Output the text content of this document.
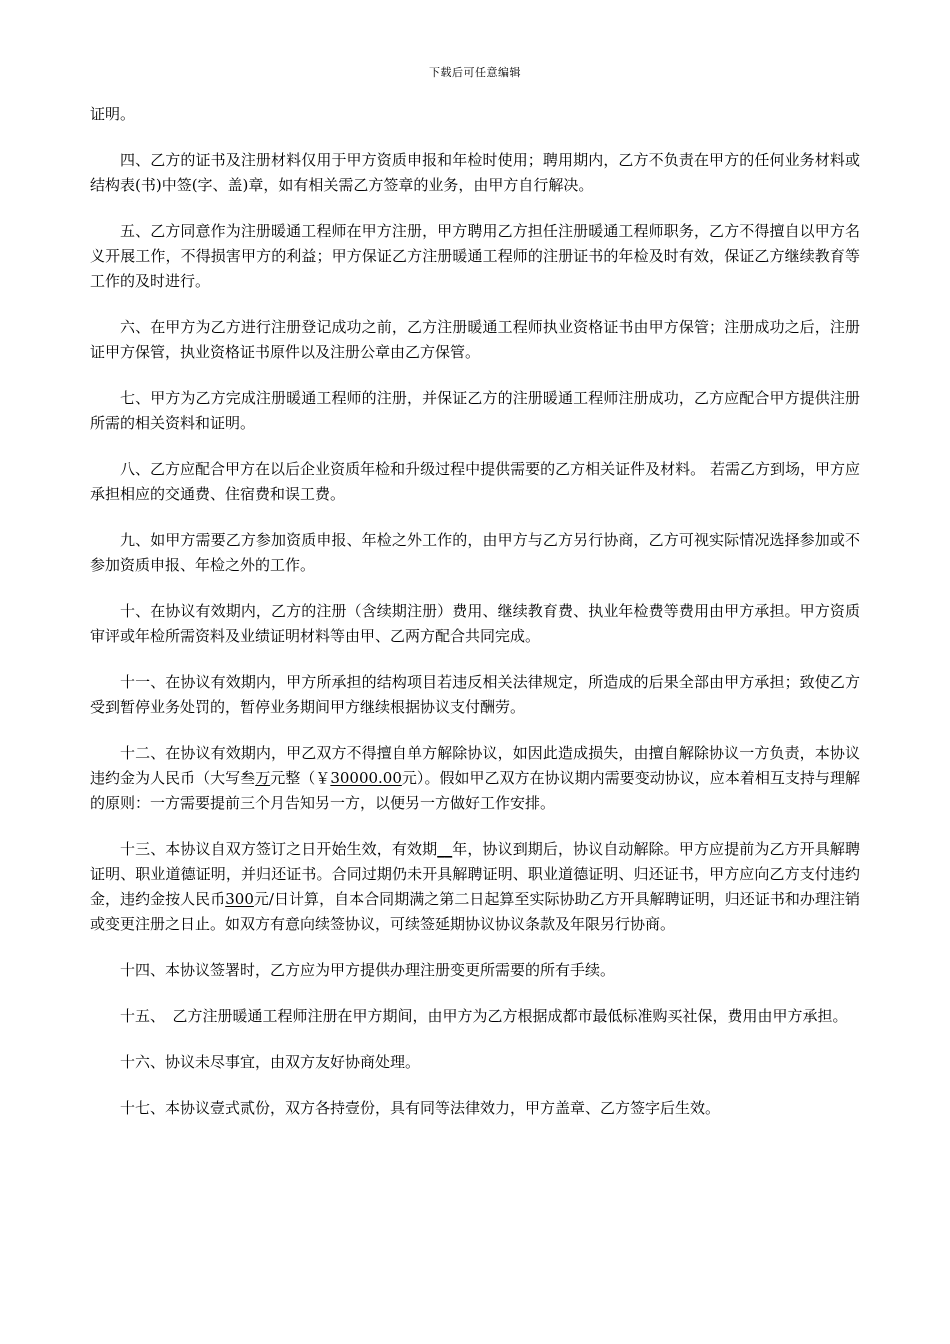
下载后可任意编辑

证明。

四、乙方的证书及注册材料仅用于甲方资质申报和年检时使用；聘用期内，乙方不负责在甲方的任何业务材料或结构表(书)中签(字、盖)章，如有相关需乙方签章的业务，由甲方自行解决。

五、乙方同意作为注册暖通工程师在甲方注册，甲方聘用乙方担任注册暖通工程师职务，乙方不得擅自以甲方名义开展工作，不得损害甲方的利益；甲方保证乙方注册暖通工程师的注册证书的年检及时有效，保证乙方继续教育等工作的及时进行。

六、在甲方为乙方进行注册登记成功之前，乙方注册暖通工程师执业资格证书由甲方保管；注册成功之后，注册证甲方保管，执业资格证书原件以及注册公章由乙方保管。

七、甲方为乙方完成注册暖通工程师的注册，并保证乙方的注册暖通工程师注册成功，乙方应配合甲方提供注册所需的相关资料和证明。

八、乙方应配合甲方在以后企业资质年检和升级过程中提供需要的乙方相关证件及材料。 若需乙方到场，甲方应承担相应的交通费、住宿费和误工费。

九、如甲方需要乙方参加资质申报、年检之外工作的，由甲方与乙方另行协商，乙方可视实际情况选择参加或不参加资质申报、年检之外的工作。

十、在协议有效期内，乙方的注册（含续期注册）费用、继续教育费、执业年检费等费用由甲方承担。甲方资质审评或年检所需资料及业绩证明材料等由甲、乙两方配合共同完成。

十一、在协议有效期内，甲方所承担的结构项目若违反相关法律规定，所造成的后果全部由甲方承担；致使乙方受到暂停业务处罚的，暂停业务期间甲方继续根据协议支付酬劳。

十二、在协议有效期内，甲乙双方不得擅自单方解除协议，如因此造成损失，由擅自解除协议一方负责，本协议违约金为人民币（大写叁万元整（￥30000.00元）。假如甲乙双方在协议期内需要变动协议，应本着相互支持与理解的原则：一方需要提前三个月告知另一方，以便另一方做好工作安排。

十三、本协议自双方签订之日开始生效，有效期__年，协议到期后，协议自动解除。甲方应提前为乙方开具解聘证明、职业道德证明，并归还证书。合同过期仍未开具解聘证明、职业道德证明、归还证书，甲方应向乙方支付违约金，违约金按人民币300元/日计算，自本合同期满之第二日起算至实际协助乙方开具解聘证明，归还证书和办理注销或变更注册之日止。如双方有意向续签协议，可续签延期协议协议条款及年限另行协商。

十四、本协议签署时，乙方应为甲方提供办理注册变更所需要的所有手续。

十五、　乙方注册暖通工程师注册在甲方期间，由甲方为乙方根据成都市最低标准购买社保，费用由甲方承担。

十六、协议未尽事宜，由双方友好协商处理。

十七、本协议壹式贰份，双方各持壹份，具有同等法律效力，甲方盖章、乙方签字后生效。
